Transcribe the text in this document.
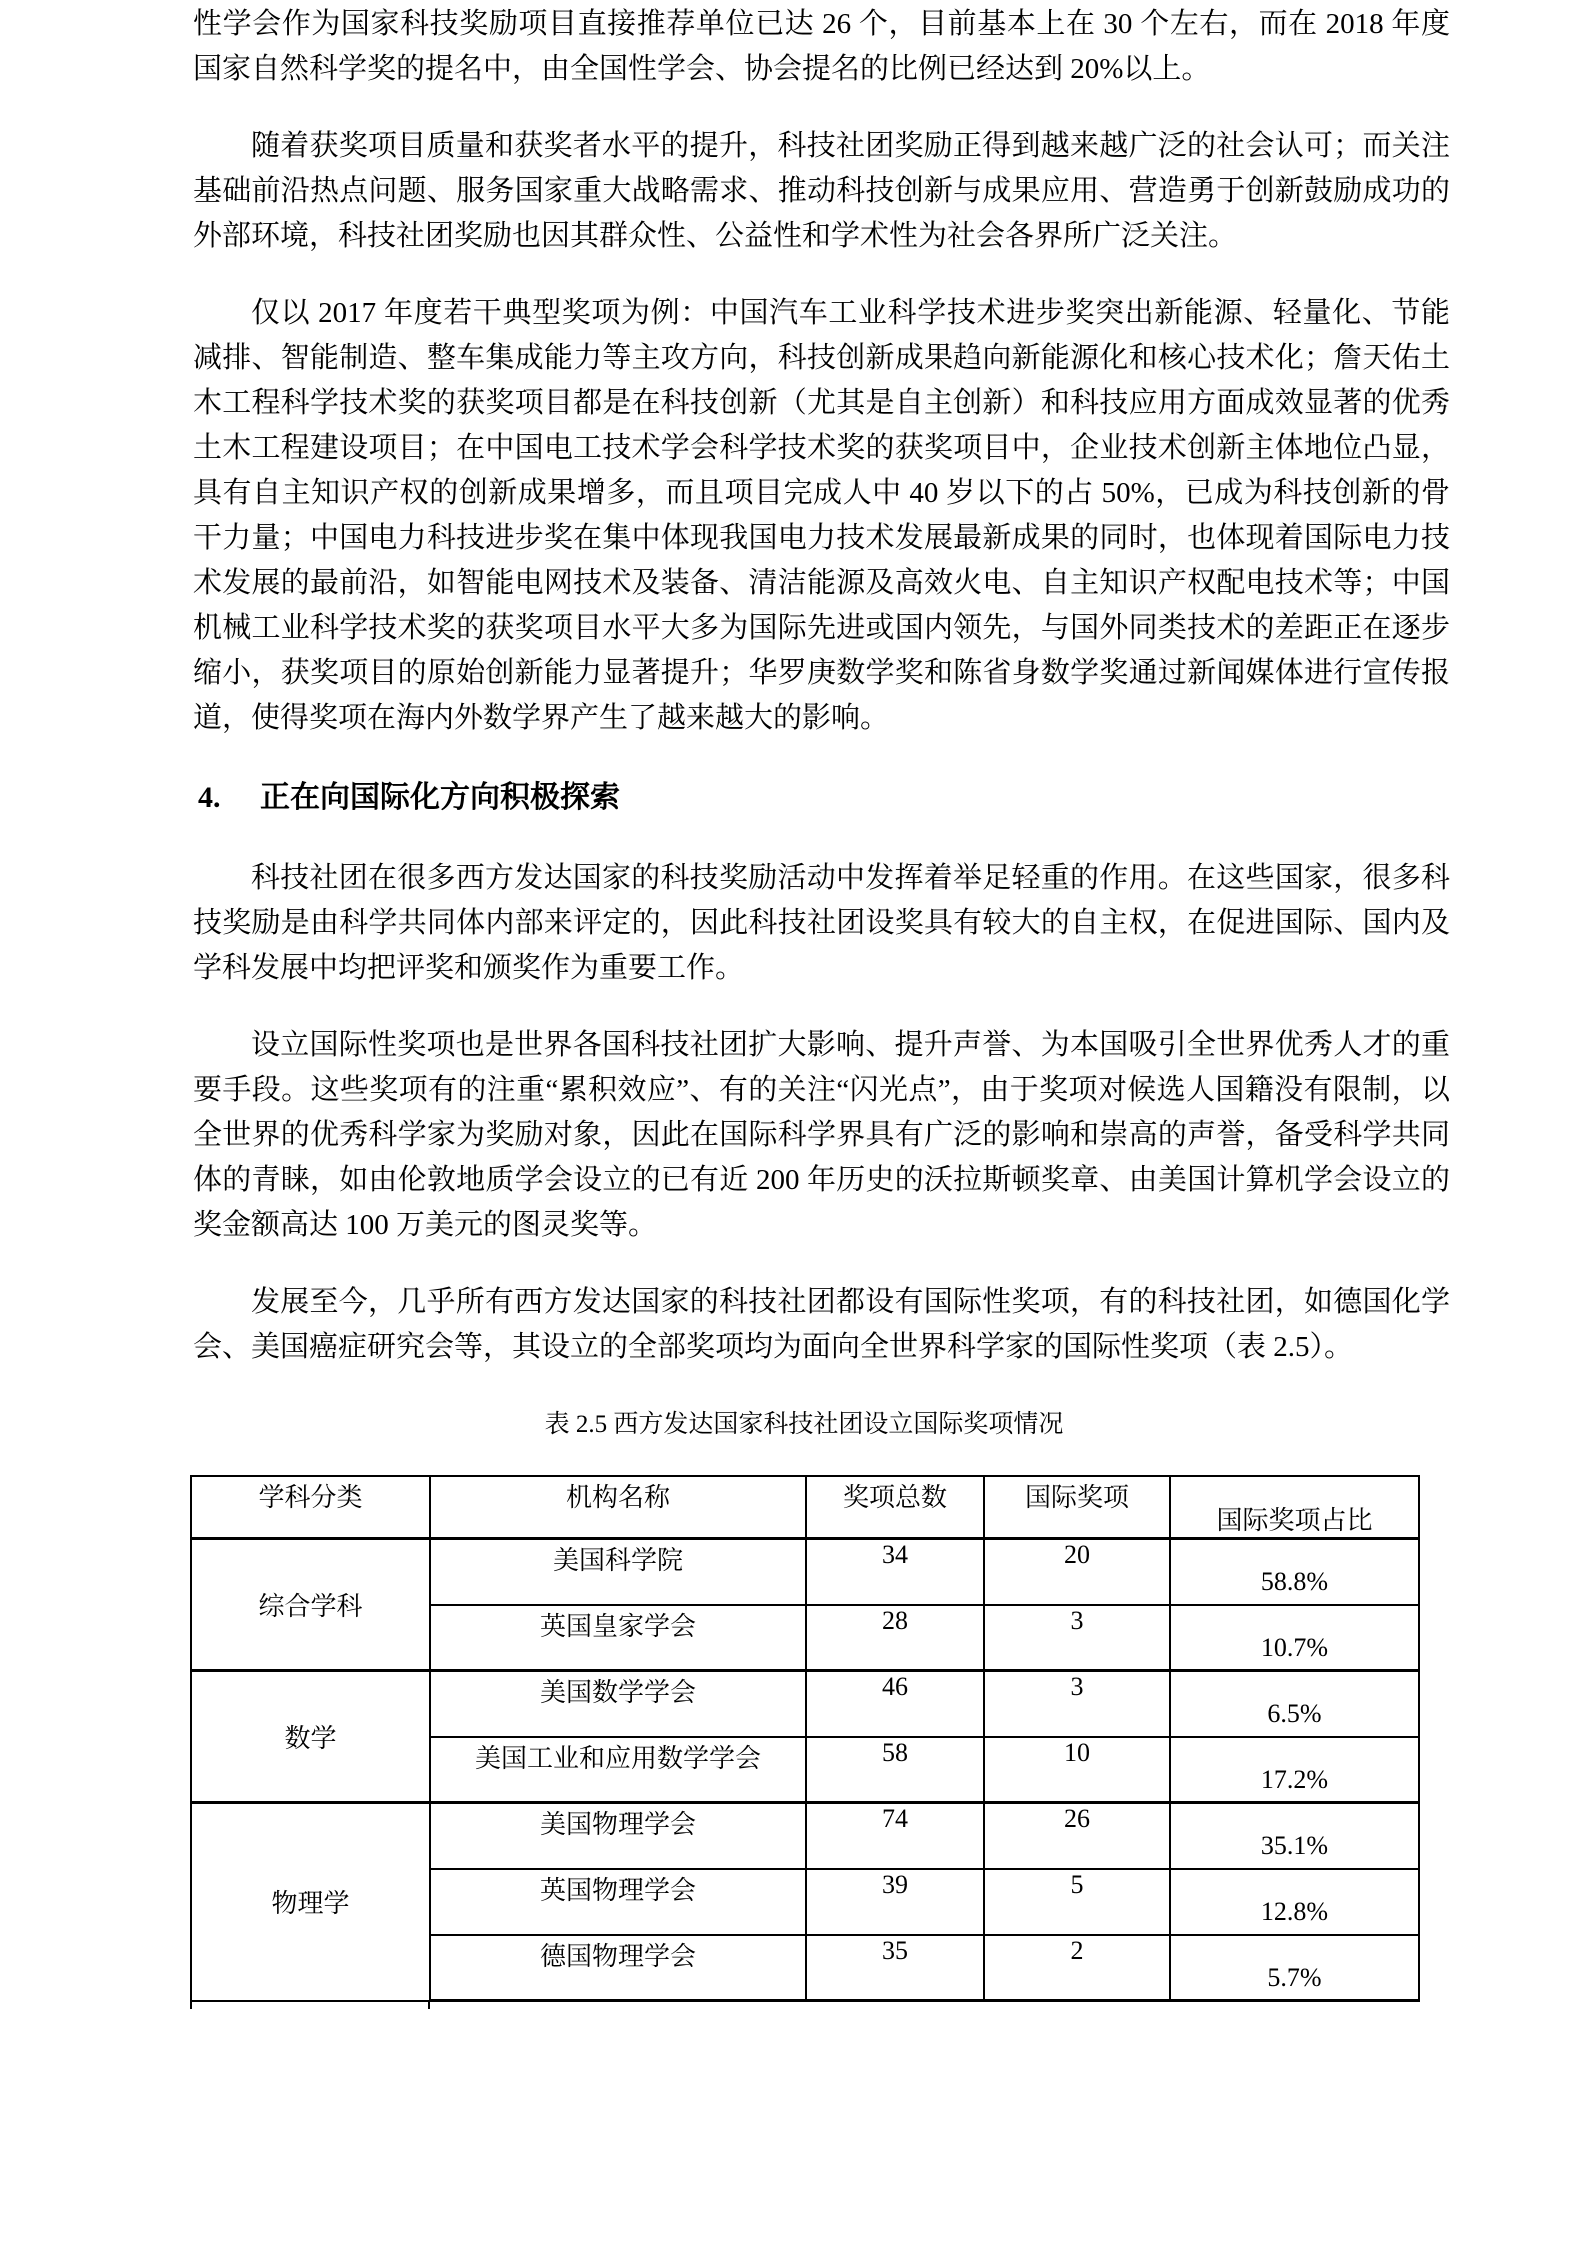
性学会作为国家科技奖励项目直接推荐单位已达 26 个，目前基本上在 30 个左右，而在 2018 年度国家自然科学奖的提名中，由全国性学会、协会提名的比例已经达到 20%以上。

随着获奖项目质量和获奖者水平的提升，科技社团奖励正得到越来越广泛的社会认可；而关注基础前沿热点问题、服务国家重大战略需求、推动科技创新与成果应用、营造勇于创新鼓励成功的外部环境，科技社团奖励也因其群众性、公益性和学术性为社会各界所广泛关注。

仅以 2017 年度若干典型奖项为例：中国汽车工业科学技术进步奖突出新能源、轻量化、节能减排、智能制造、整车集成能力等主攻方向，科技创新成果趋向新能源化和核心技术化；詹天佑土木工程科学技术奖的获奖项目都是在科技创新（尤其是自主创新）和科技应用方面成效显著的优秀土木工程建设项目；在中国电工技术学会科学技术奖的获奖项目中，企业技术创新主体地位凸显，具有自主知识产权的创新成果增多，而且项目完成人中 40 岁以下的占 50%，已成为科技创新的骨干力量；中国电力科技进步奖在集中体现我国电力技术发展最新成果的同时，也体现着国际电力技术发展的最前沿，如智能电网技术及装备、清洁能源及高效火电、自主知识产权配电技术等；中国机械工业科学技术奖的获奖项目水平大多为国际先进或国内领先，与国外同类技术的差距正在逐步缩小，获奖项目的原始创新能力显著提升；华罗庚数学奖和陈省身数学奖通过新闻媒体进行宣传报道，使得奖项在海内外数学界产生了越来越大的影响。

4. 正在向国际化方向积极探索

科技社团在很多西方发达国家的科技奖励活动中发挥着举足轻重的作用。在这些国家，很多科技奖励是由科学共同体内部来评定的，因此科技社团设奖具有较大的自主权，在促进国际、国内及学科发展中均把评奖和颁奖作为重要工作。

设立国际性奖项也是世界各国科技社团扩大影响、提升声誉、为本国吸引全世界优秀人才的重要手段。这些奖项有的注重“累积效应”、有的关注“闪光点”，由于奖项对候选人国籍没有限制，以全世界的优秀科学家为奖励对象，因此在国际科学界具有广泛的影响和崇高的声誉，备受科学共同体的青睐，如由伦敦地质学会设立的已有近 200 年历史的沃拉斯顿奖章、由美国计算机学会设立的奖金额高达 100 万美元的图灵奖等。

发展至今，几乎所有西方发达国家的科技社团都设有国际性奖项，有的科技社团，如德国化学会、美国癌症研究会等，其设立的全部奖项均为面向全世界科学家的国际性奖项（表 2.5）。

表 2.5 西方发达国家科技社团设立国际奖项情况
学科分类	机构名称	奖项总数	国际奖项	国际奖项占比
综合学科	美国科学院	34	20	58.8%
	英国皇家学会	28	3	10.7%
数学	美国数学学会	46	3	6.5%
	美国工业和应用数学学会	58	10	17.2%
物理学	美国物理学会	74	26	35.1%
	英国物理学会	39	5	12.8%
	德国物理学会	35	2	5.7%
